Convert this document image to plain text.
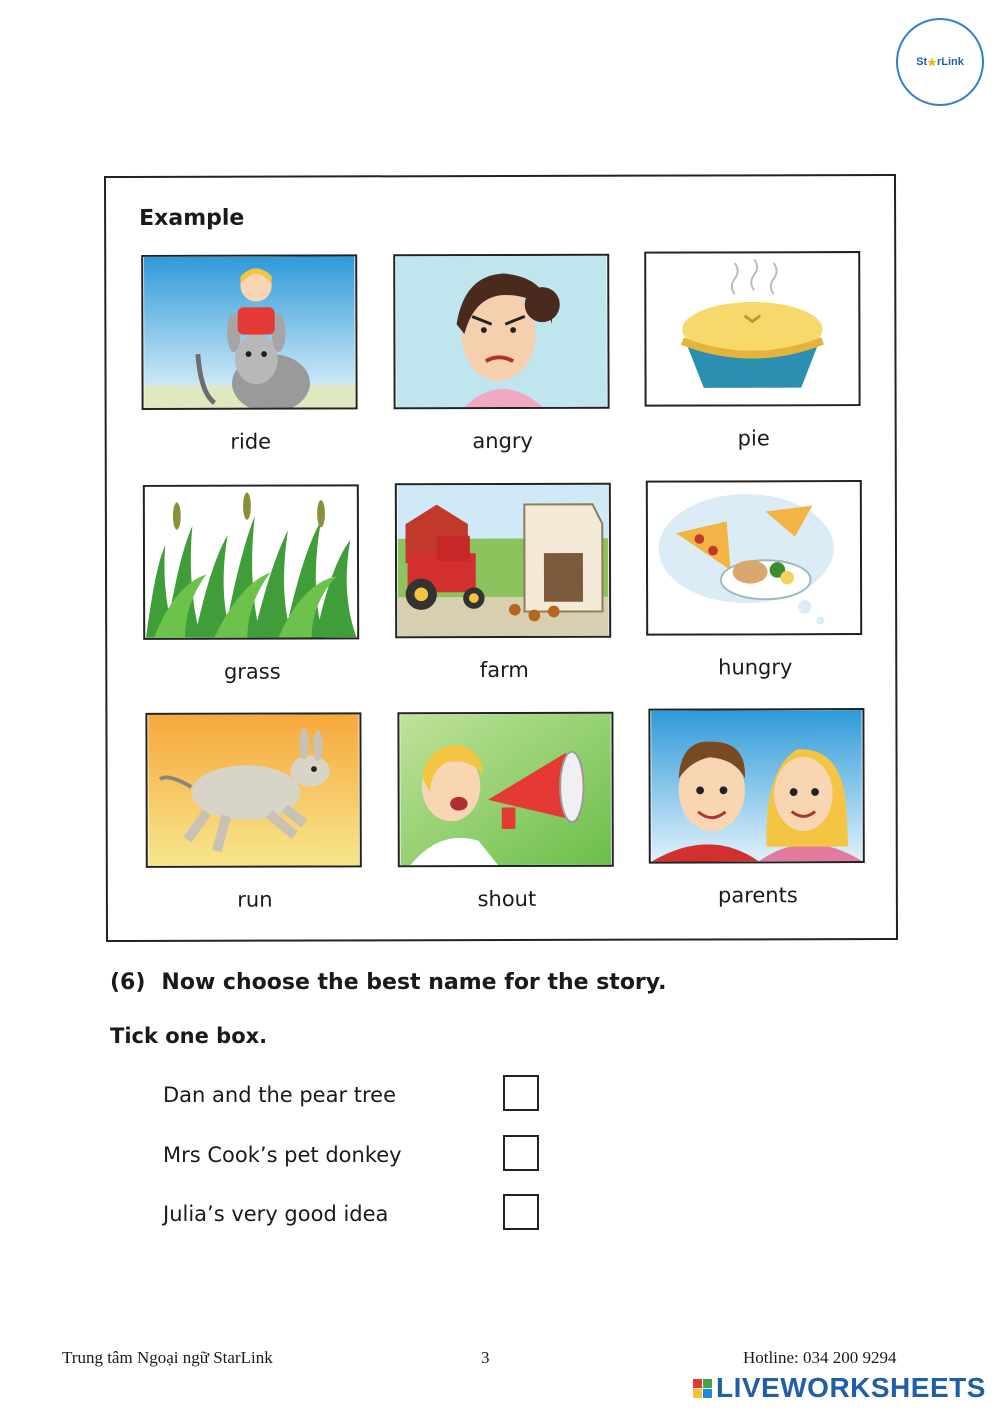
St ★ rLink
Example
ride	angry	pie
grass	farm	hungry
run	shout	parents
(6) Now choose the best name for the story.
Tick one box.
Dan and the pear tree
Mrs Cook’s pet donkey
Julia’s very good idea
Trung tâm Ngoại ngữ StarLink	3	Hotline: 034 200 9294
LIVEWORKSHEETS
